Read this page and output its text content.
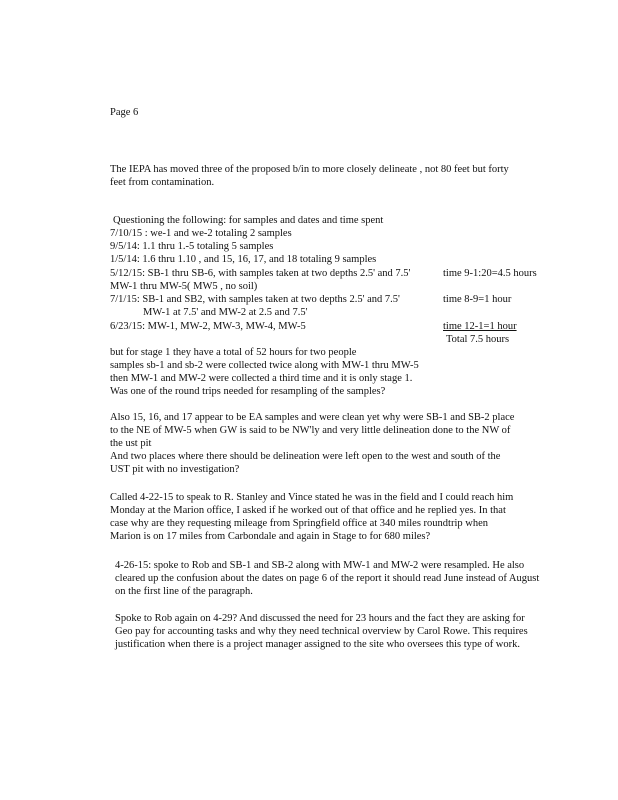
Page 6
The IEPA has moved three of the proposed b/in to more closely delineate , not 80 feet but forty
feet from contamination.
Questioning the following: for samples and dates and time spent
7/10/15 : we-1 and we-2 totaling 2 samples
9/5/14: 1.1 thru 1.-5 totaling 5 samples
1/5/14: 1.6 thru 1.10 , and 15, 16, 17, and 18 totaling 9 samples
5/12/15: SB-1 thru SB-6, with samples taken at two depths 2.5' and 7.5'	time 9-1:20=4.5 hours
MW-1 thru MW-5( MW5 , no soil)
7/1/15: SB-1 and SB2, with samples taken at two depths 2.5' and 7.5'	time 8-9=1 hour
MW-1 at 7.5' and MW-2 at 2.5 and 7.5'
6/23/15: MW-1, MW-2, MW-3, MW-4, MW-5	time 12-1=1 hour
Total 7.5 hours
but for stage 1 they have a total of 52 hours for two people
samples sb-1 and sb-2 were collected twice along with MW-1 thru MW-5
then MW-1 and MW-2 were collected a third time and it is only stage 1.
Was one of the round trips needed for resampling of the samples?
Also 15, 16, and 17 appear to be EA samples and were clean yet why were SB-1 and SB-2 place
to the NE of MW-5 when GW is said to be NW'ly and very little delineation done to the NW of
the ust pit
And two places where there should be delineation were left open to the west and south of the
UST pit with no investigation?
Called 4-22-15 to speak to R. Stanley and Vince stated he was in the field and I could reach him
Monday at the Marion office, I asked if he worked out of that office and he replied yes. In that
case why are they requesting mileage from Springfield office at 340 miles roundtrip when
Marion is on 17 miles from Carbondale and again in Stage to for 680 miles?
4-26-15: spoke to Rob and SB-1 and SB-2 along with MW-1 and MW-2 were resampled. He also
cleared up the confusion about the dates on page 6 of the report it should read June instead of August
on the first line of the paragraph.
Spoke to Rob again on 4-29? And discussed the need for 23 hours and the fact they are asking for
Geo pay for accounting tasks and why they need technical overview by Carol Rowe. This requires
justification when there is a project manager assigned to the site who oversees this type of work.
